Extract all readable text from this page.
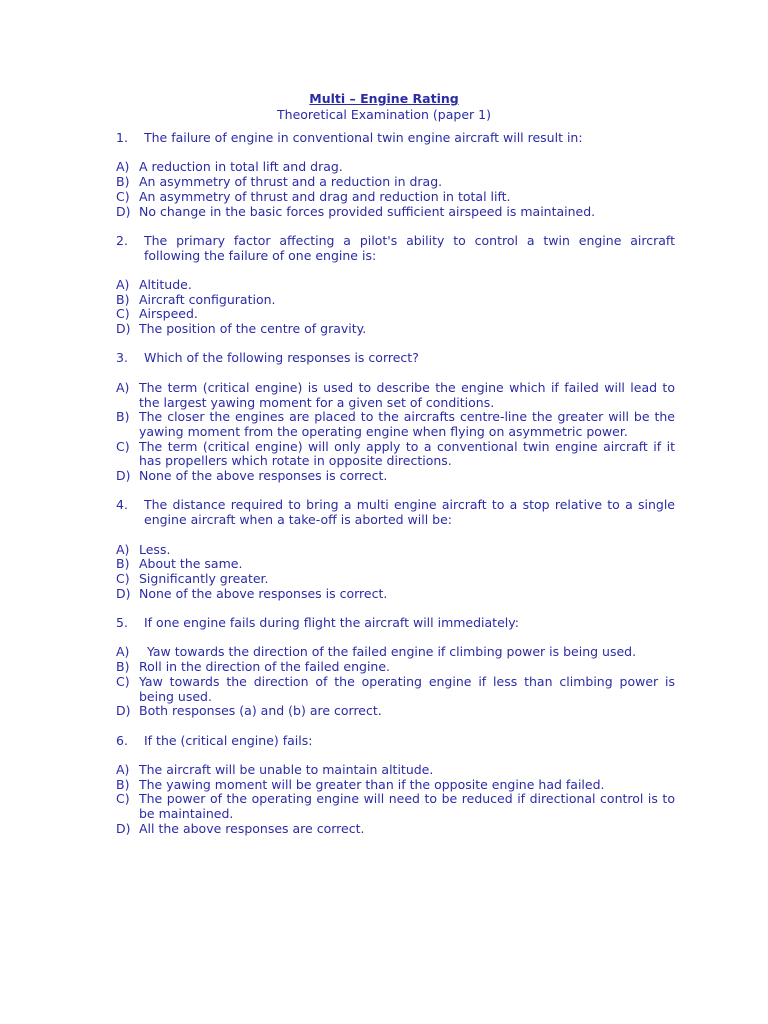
Multi – Engine Rating
Theoretical Examination (paper 1)
1.	The failure of engine in conventional twin engine aircraft will result in:
A) A reduction in total lift and drag.
B) An asymmetry of thrust and a reduction in drag.
C) An asymmetry of thrust and drag and reduction in total lift.
D) No change in the basic forces provided sufficient airspeed is maintained.
2.	The primary factor affecting a pilot's ability to control a twin engine aircraft following the failure of one engine is:
A) Altitude.
B) Aircraft configuration.
C) Airspeed.
D) The position of the centre of gravity.
3.	Which of the following responses is correct?
A) The term (critical engine) is used to describe the engine which if failed will lead to the largest yawing moment for a given set of conditions.
B) The closer the engines are placed to the aircrafts centre-line the greater will be the yawing moment from the operating engine when flying on asymmetric power.
C) The term (critical engine) will only apply to a conventional twin engine aircraft if it has propellers which rotate in opposite directions.
D) None of the above responses is correct.
4.	The distance required to bring a multi engine aircraft to a stop relative to a single engine aircraft when a take-off is aborted will be:
A) Less.
B) About the same.
C) Significantly greater.
D) None of the above responses is correct.
5.	If one engine fails during flight the aircraft will immediately:
A) Yaw towards the direction of the failed engine if climbing power is being used.
B) Roll in the direction of the failed engine.
C) Yaw towards the direction of the operating engine if less than climbing power is being used.
D) Both responses (a) and (b) are correct.
6.	If the (critical engine) fails:
A) The aircraft will be unable to maintain altitude.
B) The yawing moment will be greater than if the opposite engine had failed.
C) The power of the operating engine will need to be reduced if directional control is to be maintained.
D) All the above responses are correct.
